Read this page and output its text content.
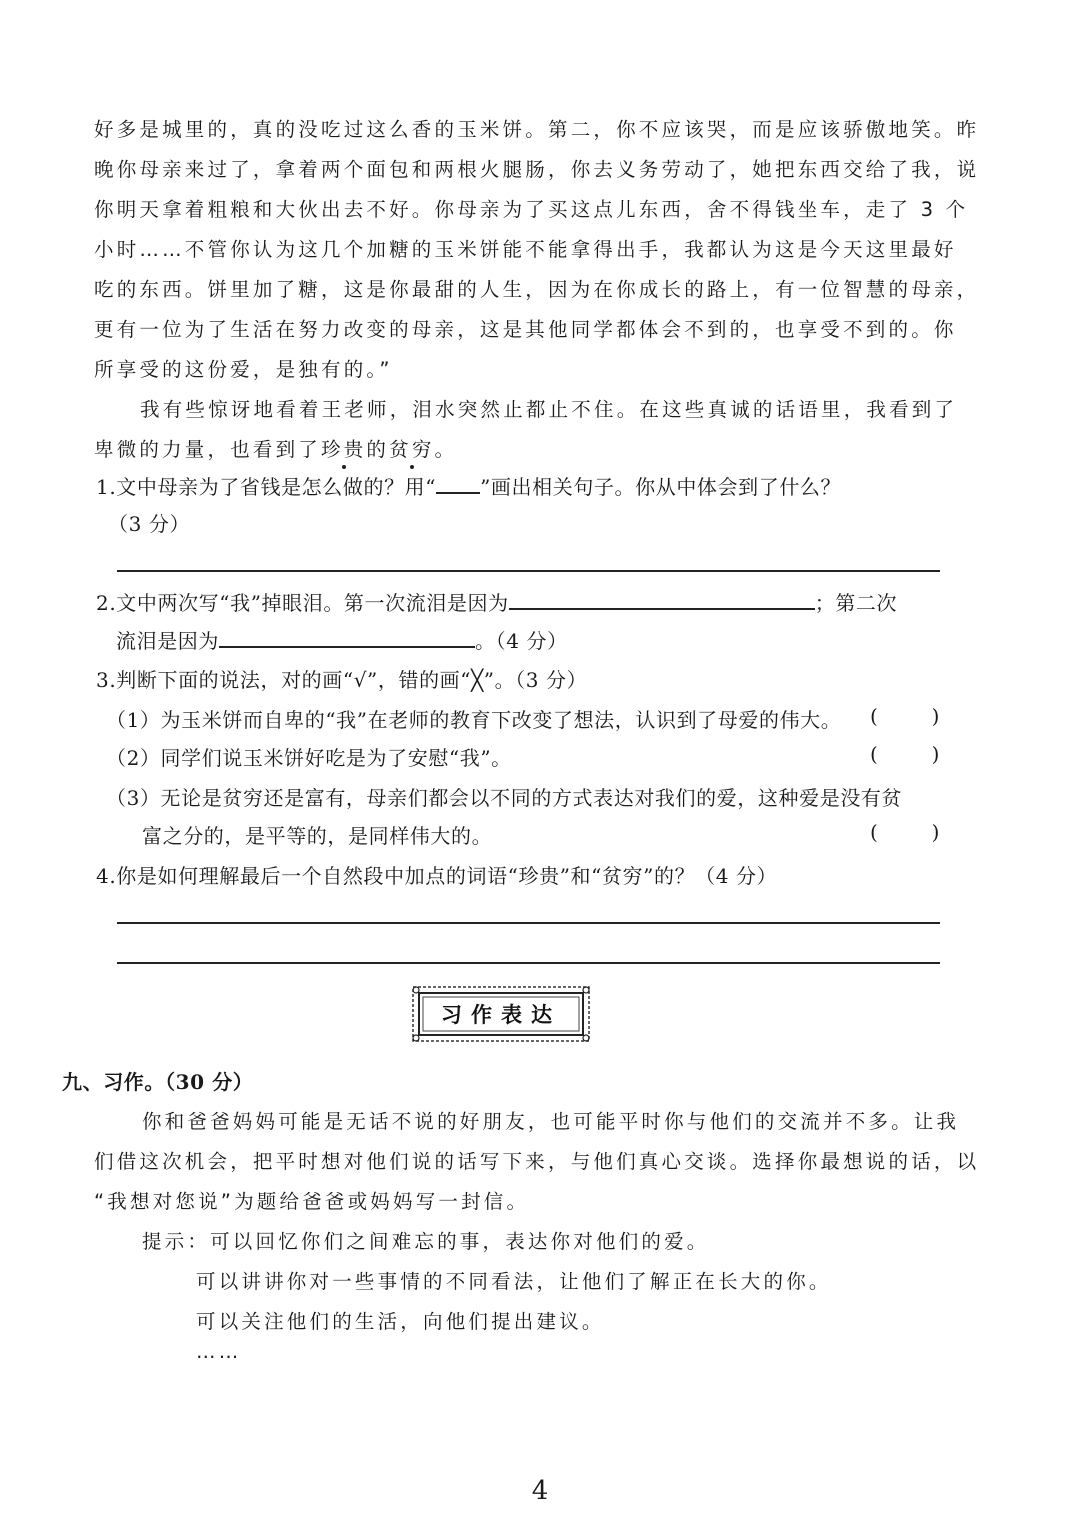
好多是城里的，真的没吃过这么香的玉米饼。第二，你不应该哭，而是应该骄傲地笑。昨
晚你母亲来过了，拿着两个面包和两根火腿肠，你去义务劳动了，她把东西交给了我，说
你明天拿着粗粮和大伙出去不好。你母亲为了买这点儿东西，舍不得钱坐车，走了 3 个
小时……不管你认为这几个加糖的玉米饼能不能拿得出手，我都认为这是今天这里最好
吃的东西。饼里加了糖，这是你最甜的人生，因为在你成长的路上，有一位智慧的母亲，
更有一位为了生活在努力改变的母亲，这是其他同学都体会不到的，也享受不到的。你
所享受的这份爱，是独有的。”
我有些惊讶地看着王老师，泪水突然止都止不住。在这些真诚的话语里，我看到了
卑微的力量，也看到了珍贵的贫穷。
1.文中母亲为了省钱是怎么做的？用“ ”画出相关句子。你从中体会到了什么？
（3 分）
2.文中两次写“我”掉眼泪。第一次流泪是因为	；第二次
流泪是因为	。（4 分）
3.判断下面的说法，对的画“√”，错的画“╳”。（3 分）
（1）为玉米饼而自卑的“我”在老师的教育下改变了想法，认识到了母爱的伟大。	(	)
（2）同学们说玉米饼好吃是为了安慰“我”。	(	)
（3）无论是贫穷还是富有，母亲们都会以不同的方式表达对我们的爱，这种爱是没有贫
富之分的，是平等的，是同样伟大的。	(	)
4.你是如何理解最后一个自然段中加点的词语“珍贵”和“贫穷”的？（4 分）
习作表达
九、习作。（30 分）
你和爸爸妈妈可能是无话不说的好朋友，也可能平时你与他们的交流并不多。让我
们借这次机会，把平时想对他们说的话写下来，与他们真心交谈。选择你最想说的话，以
“我想对您说”为题给爸爸或妈妈写一封信。
提示：可以回忆你们之间难忘的事，表达你对他们的爱。
可以讲讲你对一些事情的不同看法，让他们了解正在长大的你。
可以关注他们的生活，向他们提出建议。
……
4
